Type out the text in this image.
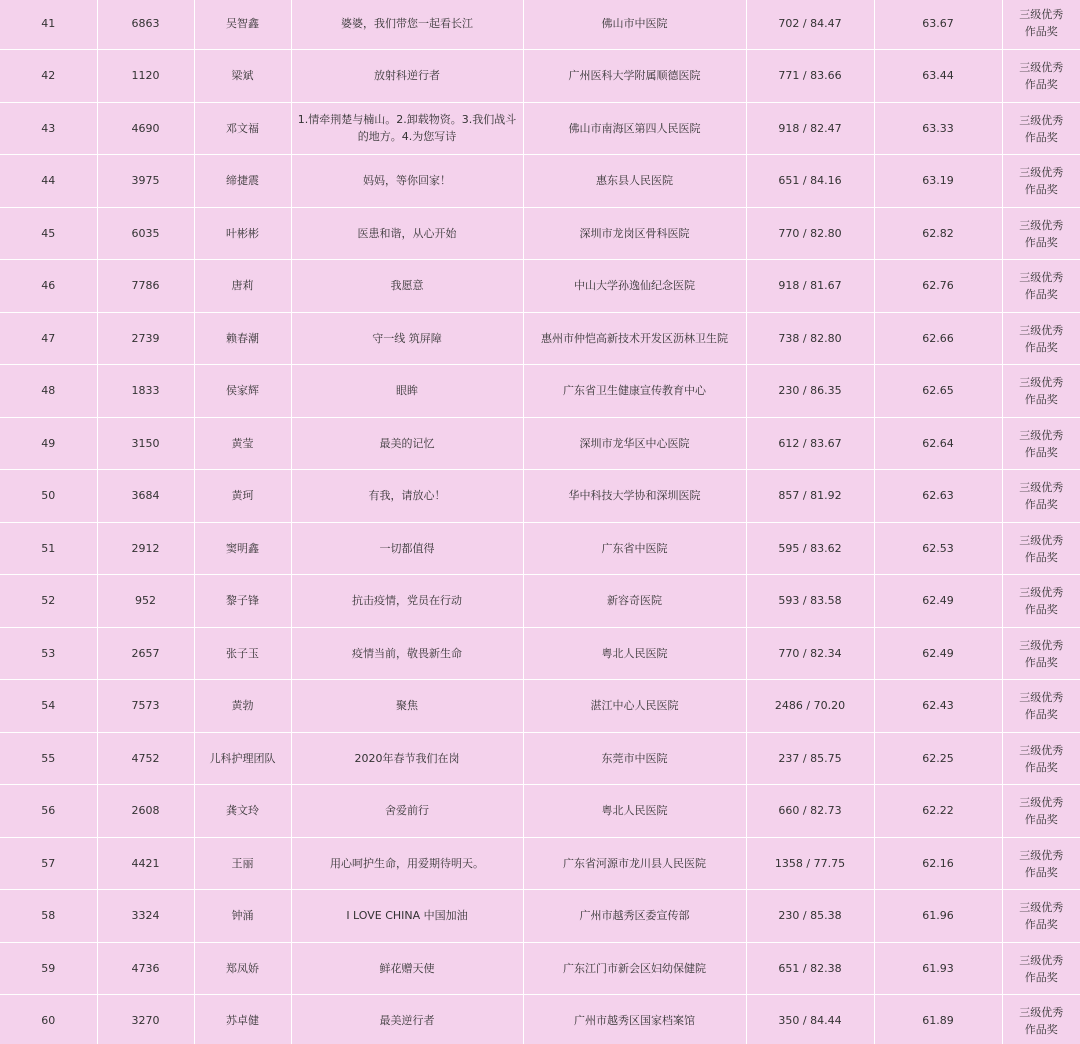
41	6863	吴智鑫	婆婆，我们带您一起看长江	佛山市中医院	702 / 84.47	63.67	三级优秀作品奖
42	1120	梁斌	放射科逆行者	广州医科大学附属顺德医院	771 / 83.66	63.44	三级优秀作品奖
43	4690	邓文福	1.情牵荆楚与楠山。2.卸载物资。3.我们战斗的地方。4.为您写诗	佛山市南海区第四人民医院	918 / 82.47	63.33	三级优秀作品奖
44	3975	缔捷震	妈妈，等你回家！	惠东县人民医院	651 / 84.16	63.19	三级优秀作品奖
45	6035	叶彬彬	医患和谐，从心开始	深圳市龙岗区骨科医院	770 / 82.80	62.82	三级优秀作品奖
46	7786	唐莉	我愿意	中山大学孙逸仙纪念医院	918 / 81.67	62.76	三级优秀作品奖
47	2739	赖春潮	守一线 筑屏障	惠州市仲恺高新技术开发区沥林卫生院	738 / 82.80	62.66	三级优秀作品奖
48	1833	侯家辉	眼眸	广东省卫生健康宣传教育中心	230 / 86.35	62.65	三级优秀作品奖
49	3150	黄莹	最美的记忆	深圳市龙华区中心医院	612 / 83.67	62.64	三级优秀作品奖
50	3684	黄珂	有我，请放心！	华中科技大学协和深圳医院	857 / 81.92	62.63	三级优秀作品奖
51	2912	窦明鑫	一切都值得	广东省中医院	595 / 83.62	62.53	三级优秀作品奖
52	952	黎子锋	抗击疫情，党员在行动	新容奇医院	593 / 83.58	62.49	三级优秀作品奖
53	2657	张子玉	疫情当前，敬畏新生命	粤北人民医院	770 / 82.34	62.49	三级优秀作品奖
54	7573	黄勃	聚焦	湛江中心人民医院	2486 / 70.20	62.43	三级优秀作品奖
55	4752	儿科护理团队	2020年春节我们在岗	东莞市中医院	237 / 85.75	62.25	三级优秀作品奖
56	2608	龚文玲	舍爱前行	粤北人民医院	660 / 82.73	62.22	三级优秀作品奖
57	4421	王丽	用心呵护生命，用爱期待明天。	广东省河源市龙川县人民医院	1358 / 77.75	62.16	三级优秀作品奖
58	3324	钟涌	I LOVE CHINA 中国加油	广州市越秀区委宣传部	230 / 85.38	61.96	三级优秀作品奖
59	4736	郑凤娇	鲜花赠天使	广东江门市新会区妇幼保健院	651 / 82.38	61.93	三级优秀作品奖
60	3270	苏卓健	最美逆行者	广州市越秀区国家档案馆	350 / 84.44	61.89	三级优秀作品奖
